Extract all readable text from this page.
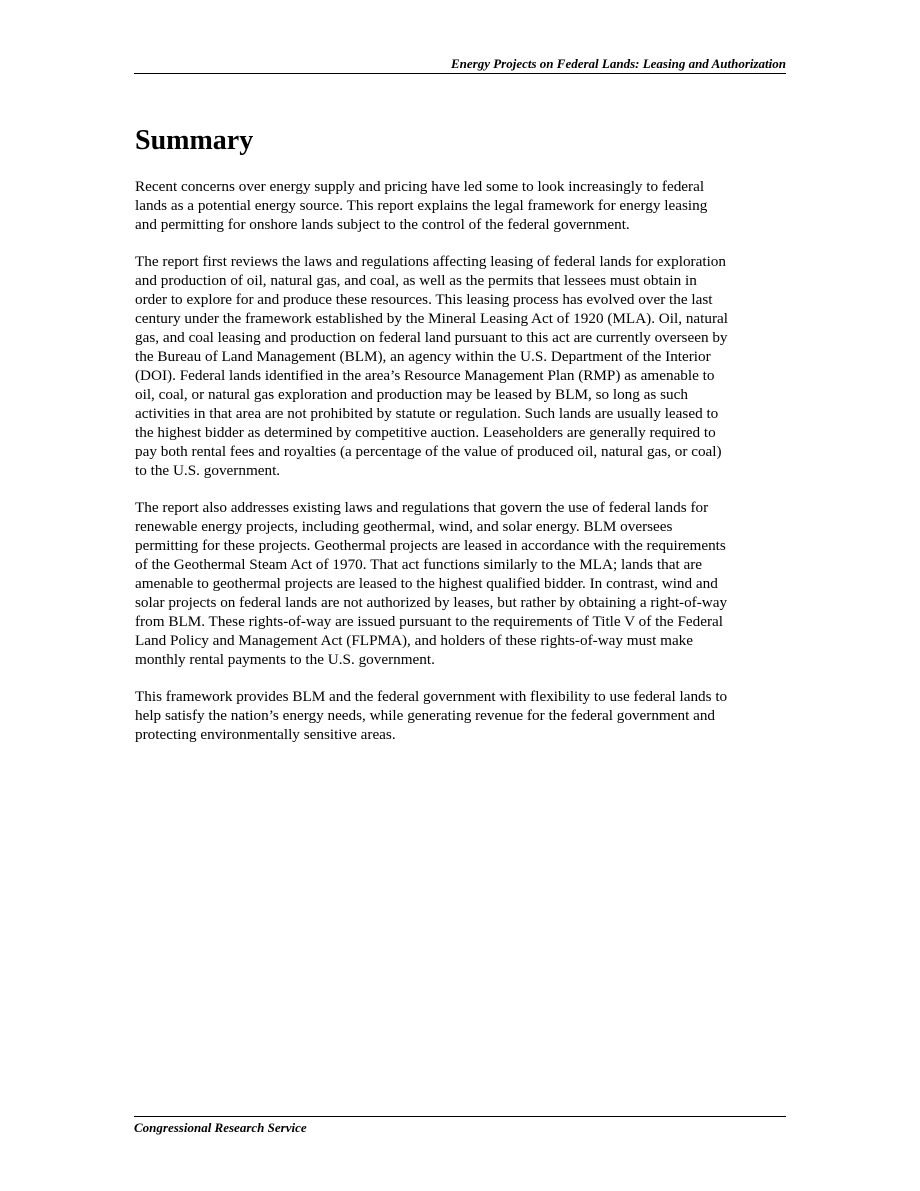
Energy Projects on Federal Lands: Leasing and Authorization
Summary

Recent concerns over energy supply and pricing have led some to look increasingly to federal
lands as a potential energy source. This report explains the legal framework for energy leasing
and permitting for onshore lands subject to the control of the federal government.

The report first reviews the laws and regulations affecting leasing of federal lands for exploration
and production of oil, natural gas, and coal, as well as the permits that lessees must obtain in
order to explore for and produce these resources. This leasing process has evolved over the last
century under the framework established by the Mineral Leasing Act of 1920 (MLA). Oil, natural
gas, and coal leasing and production on federal land pursuant to this act are currently overseen by
the Bureau of Land Management (BLM), an agency within the U.S. Department of the Interior
(DOI). Federal lands identified in the area’s Resource Management Plan (RMP) as amenable to
oil, coal, or natural gas exploration and production may be leased by BLM, so long as such
activities in that area are not prohibited by statute or regulation. Such lands are usually leased to
the highest bidder as determined by competitive auction. Leaseholders are generally required to
pay both rental fees and royalties (a percentage of the value of produced oil, natural gas, or coal)
to the U.S. government.

The report also addresses existing laws and regulations that govern the use of federal lands for
renewable energy projects, including geothermal, wind, and solar energy. BLM oversees
permitting for these projects. Geothermal projects are leased in accordance with the requirements
of the Geothermal Steam Act of 1970. That act functions similarly to the MLA; lands that are
amenable to geothermal projects are leased to the highest qualified bidder. In contrast, wind and
solar projects on federal lands are not authorized by leases, but rather by obtaining a right-of-way
from BLM. These rights-of-way are issued pursuant to the requirements of Title V of the Federal
Land Policy and Management Act (FLPMA), and holders of these rights-of-way must make
monthly rental payments to the U.S. government.

This framework provides BLM and the federal government with flexibility to use federal lands to
help satisfy the nation’s energy needs, while generating revenue for the federal government and
protecting environmentally sensitive areas.

Congressional Research Service
